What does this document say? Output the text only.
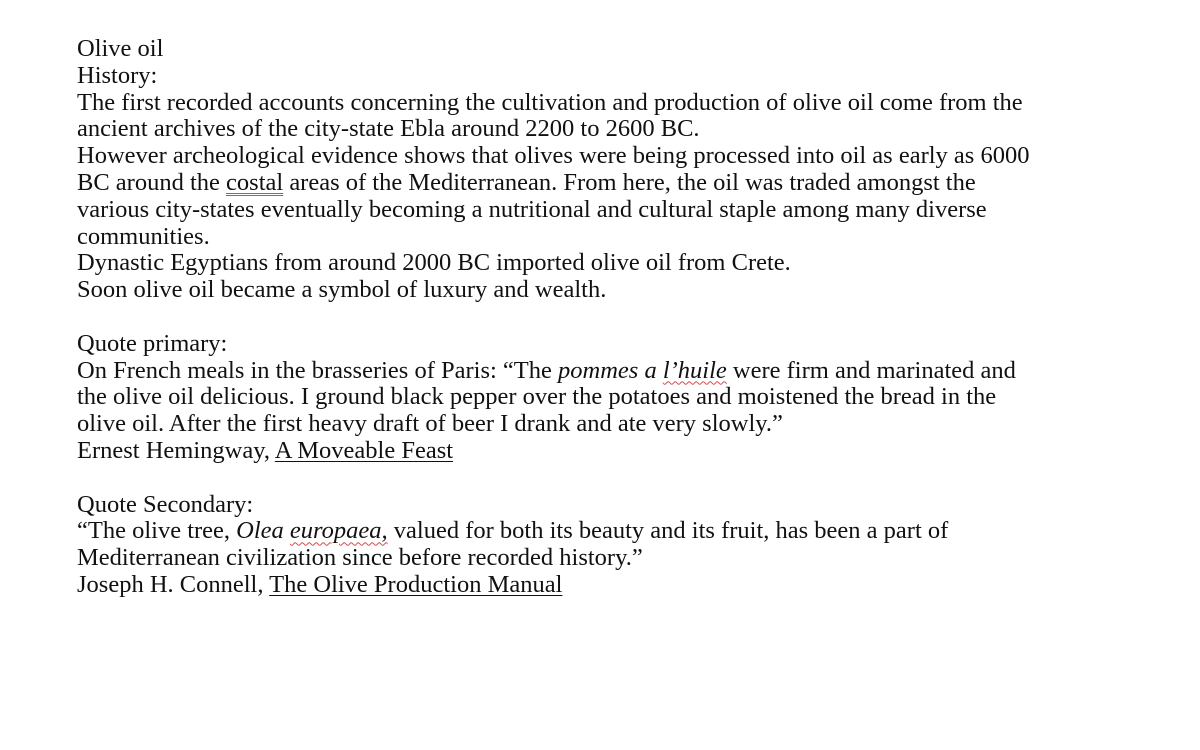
Olive oil
History:
The first recorded accounts concerning the cultivation and production of olive oil come from the
ancient archives of the city-state Ebla around 2200 to 2600 BC.
However archeological evidence shows that olives were being processed into oil as early as 6000
BC around the costal areas of the Mediterranean. From here, the oil was traded amongst the
various city-states eventually becoming a nutritional and cultural staple among many diverse
communities.
Dynastic Egyptians from around 2000 BC imported olive oil from Crete.
Soon olive oil became a symbol of luxury and wealth.
Quote primary:
On French meals in the brasseries of Paris: “The pommes a l’huile were firm and marinated and
the olive oil delicious. I ground black pepper over the potatoes and moistened the bread in the
olive oil. After the first heavy draft of beer I drank and ate very slowly.”
Ernest Hemingway, A Moveable Feast
Quote Secondary:
“The olive tree, Olea europaea, valued for both its beauty and its fruit, has been a part of
Mediterranean civilization since before recorded history.”
Joseph H. Connell, The Olive Production Manual
